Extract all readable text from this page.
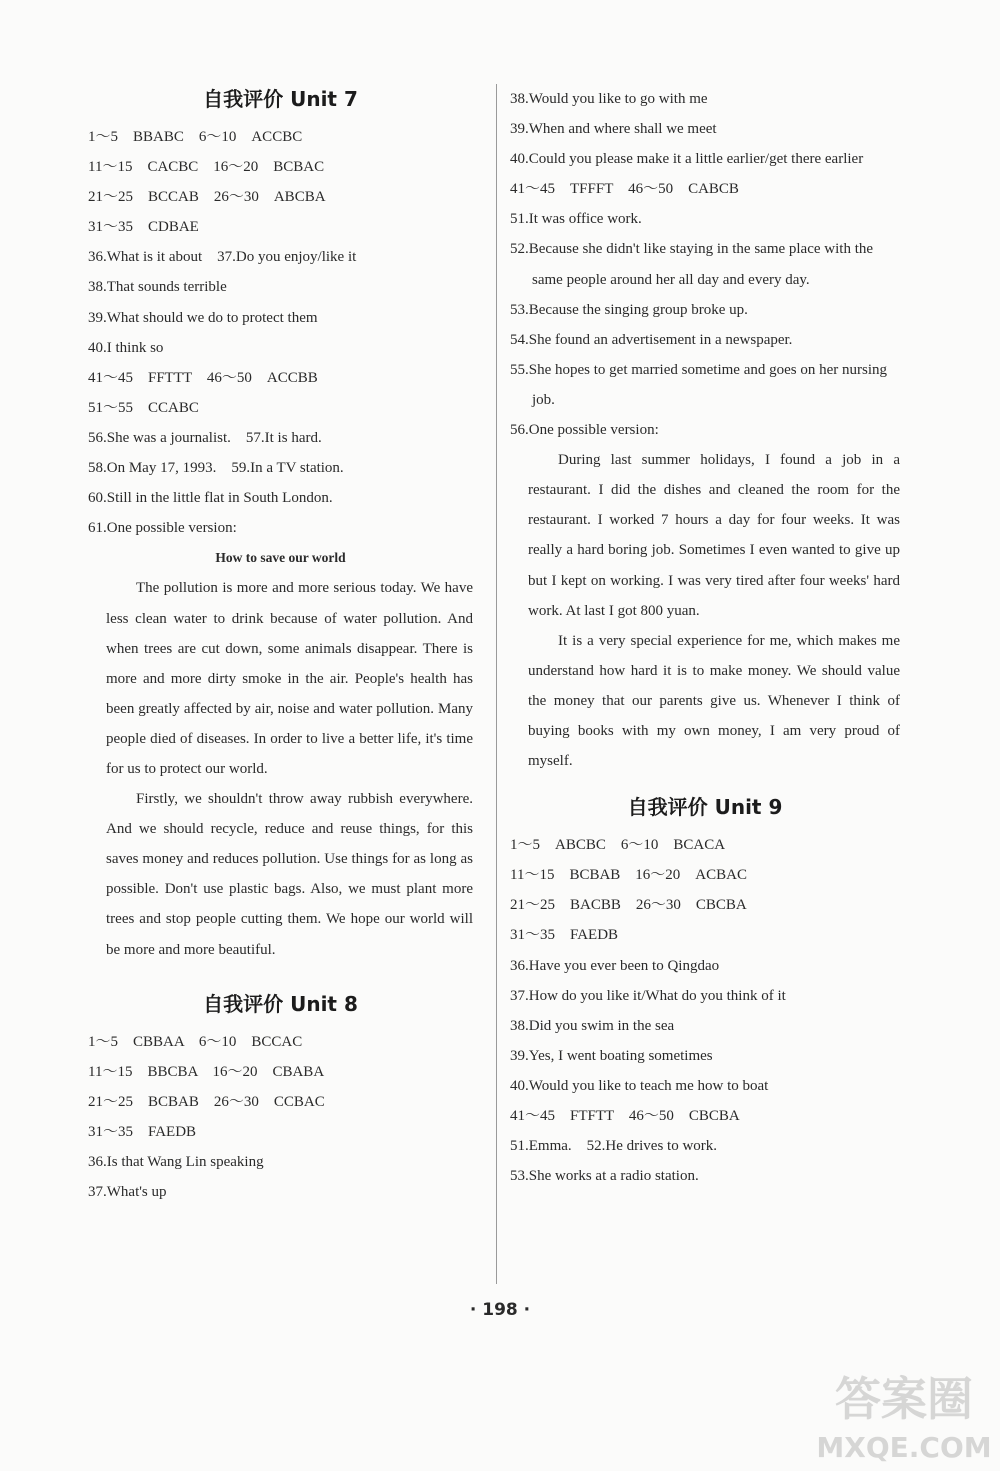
自我评价 Unit 7
1～5　BBABC　6～10　ACCBC
11～15　CACBC　16～20　BCBAC
21～25　BCCAB　26～30　ABCBA
31～35　CDBAE
36.What is it about　37.Do you enjoy/like it
38.That sounds terrible
39.What should we do to protect them
40.I think so
41～45　FFTTT　46～50　ACCBB
51～55　CCABC
56.She was a journalist.　57.It is hard.
58.On May 17, 1993.　59.In a TV station.
60.Still in the little flat in South London.
61.One possible version:
How to save our world

The pollution is more and more serious today. We have less clean water to drink because of water pollution. And when trees are cut down, some animals disappear. There is more and more dirty smoke in the air. People's health has been greatly affected by air, noise and water pollution. Many people died of diseases. In order to live a better life, it's time for us to protect our world.

Firstly, we shouldn't throw away rubbish everywhere. And we should recycle, reduce and reuse things, for this saves money and reduces pollution. Use things for as long as possible. Don't use plastic bags. Also, we must plant more trees and stop people cutting them. We hope our world will be more and more beautiful.

自我评价 Unit 8
1～5　CBBAA　6～10　BCCAC
11～15　BBCBA　16～20　CBABA
21～25　BCBAB　26～30　CCBAC
31～35　FAEDB
36.Is that Wang Lin speaking
37.What's up
38.Would you like to go with me
39.When and where shall we meet
40.Could you please make it a little earlier/get there earlier
41～45　TFFFT　46～50　CABCB
51.It was office work.
52.Because she didn't like staying in the same place with the same people around her all day and every day.
53.Because the singing group broke up.
54.She found an advertisement in a newspaper.
55.She hopes to get married sometime and goes on her nursing job.
56.One possible version:

During last summer holidays, I found a job in a restaurant. I did the dishes and cleaned the room for the restaurant. I worked 7 hours a day for four weeks. It was really a hard boring job. Sometimes I even wanted to give up but I kept on working. I was very tired after four weeks' hard work. At last I got 800 yuan.

It is a very special experience for me, which makes me understand how hard it is to make money. We should value the money that our parents give us. Whenever I think of buying books with my own money, I am very proud of myself.

自我评价 Unit 9
1～5　ABCBC　6～10　BCACA
11～15　BCBAB　16～20　ACBAC
21～25　BACBB　26～30　CBCBA
31～35　FAEDB
36.Have you ever been to Qingdao
37.How do you like it/What do you think of it
38.Did you swim in the sea
39.Yes, I went boating sometimes
40.Would you like to teach me how to boat
41～45　FTFTT　46～50　CBCBA
51.Emma.　52.He drives to work.
53.She works at a radio station.
· 198 ·
答案圈
MXQE.COM
